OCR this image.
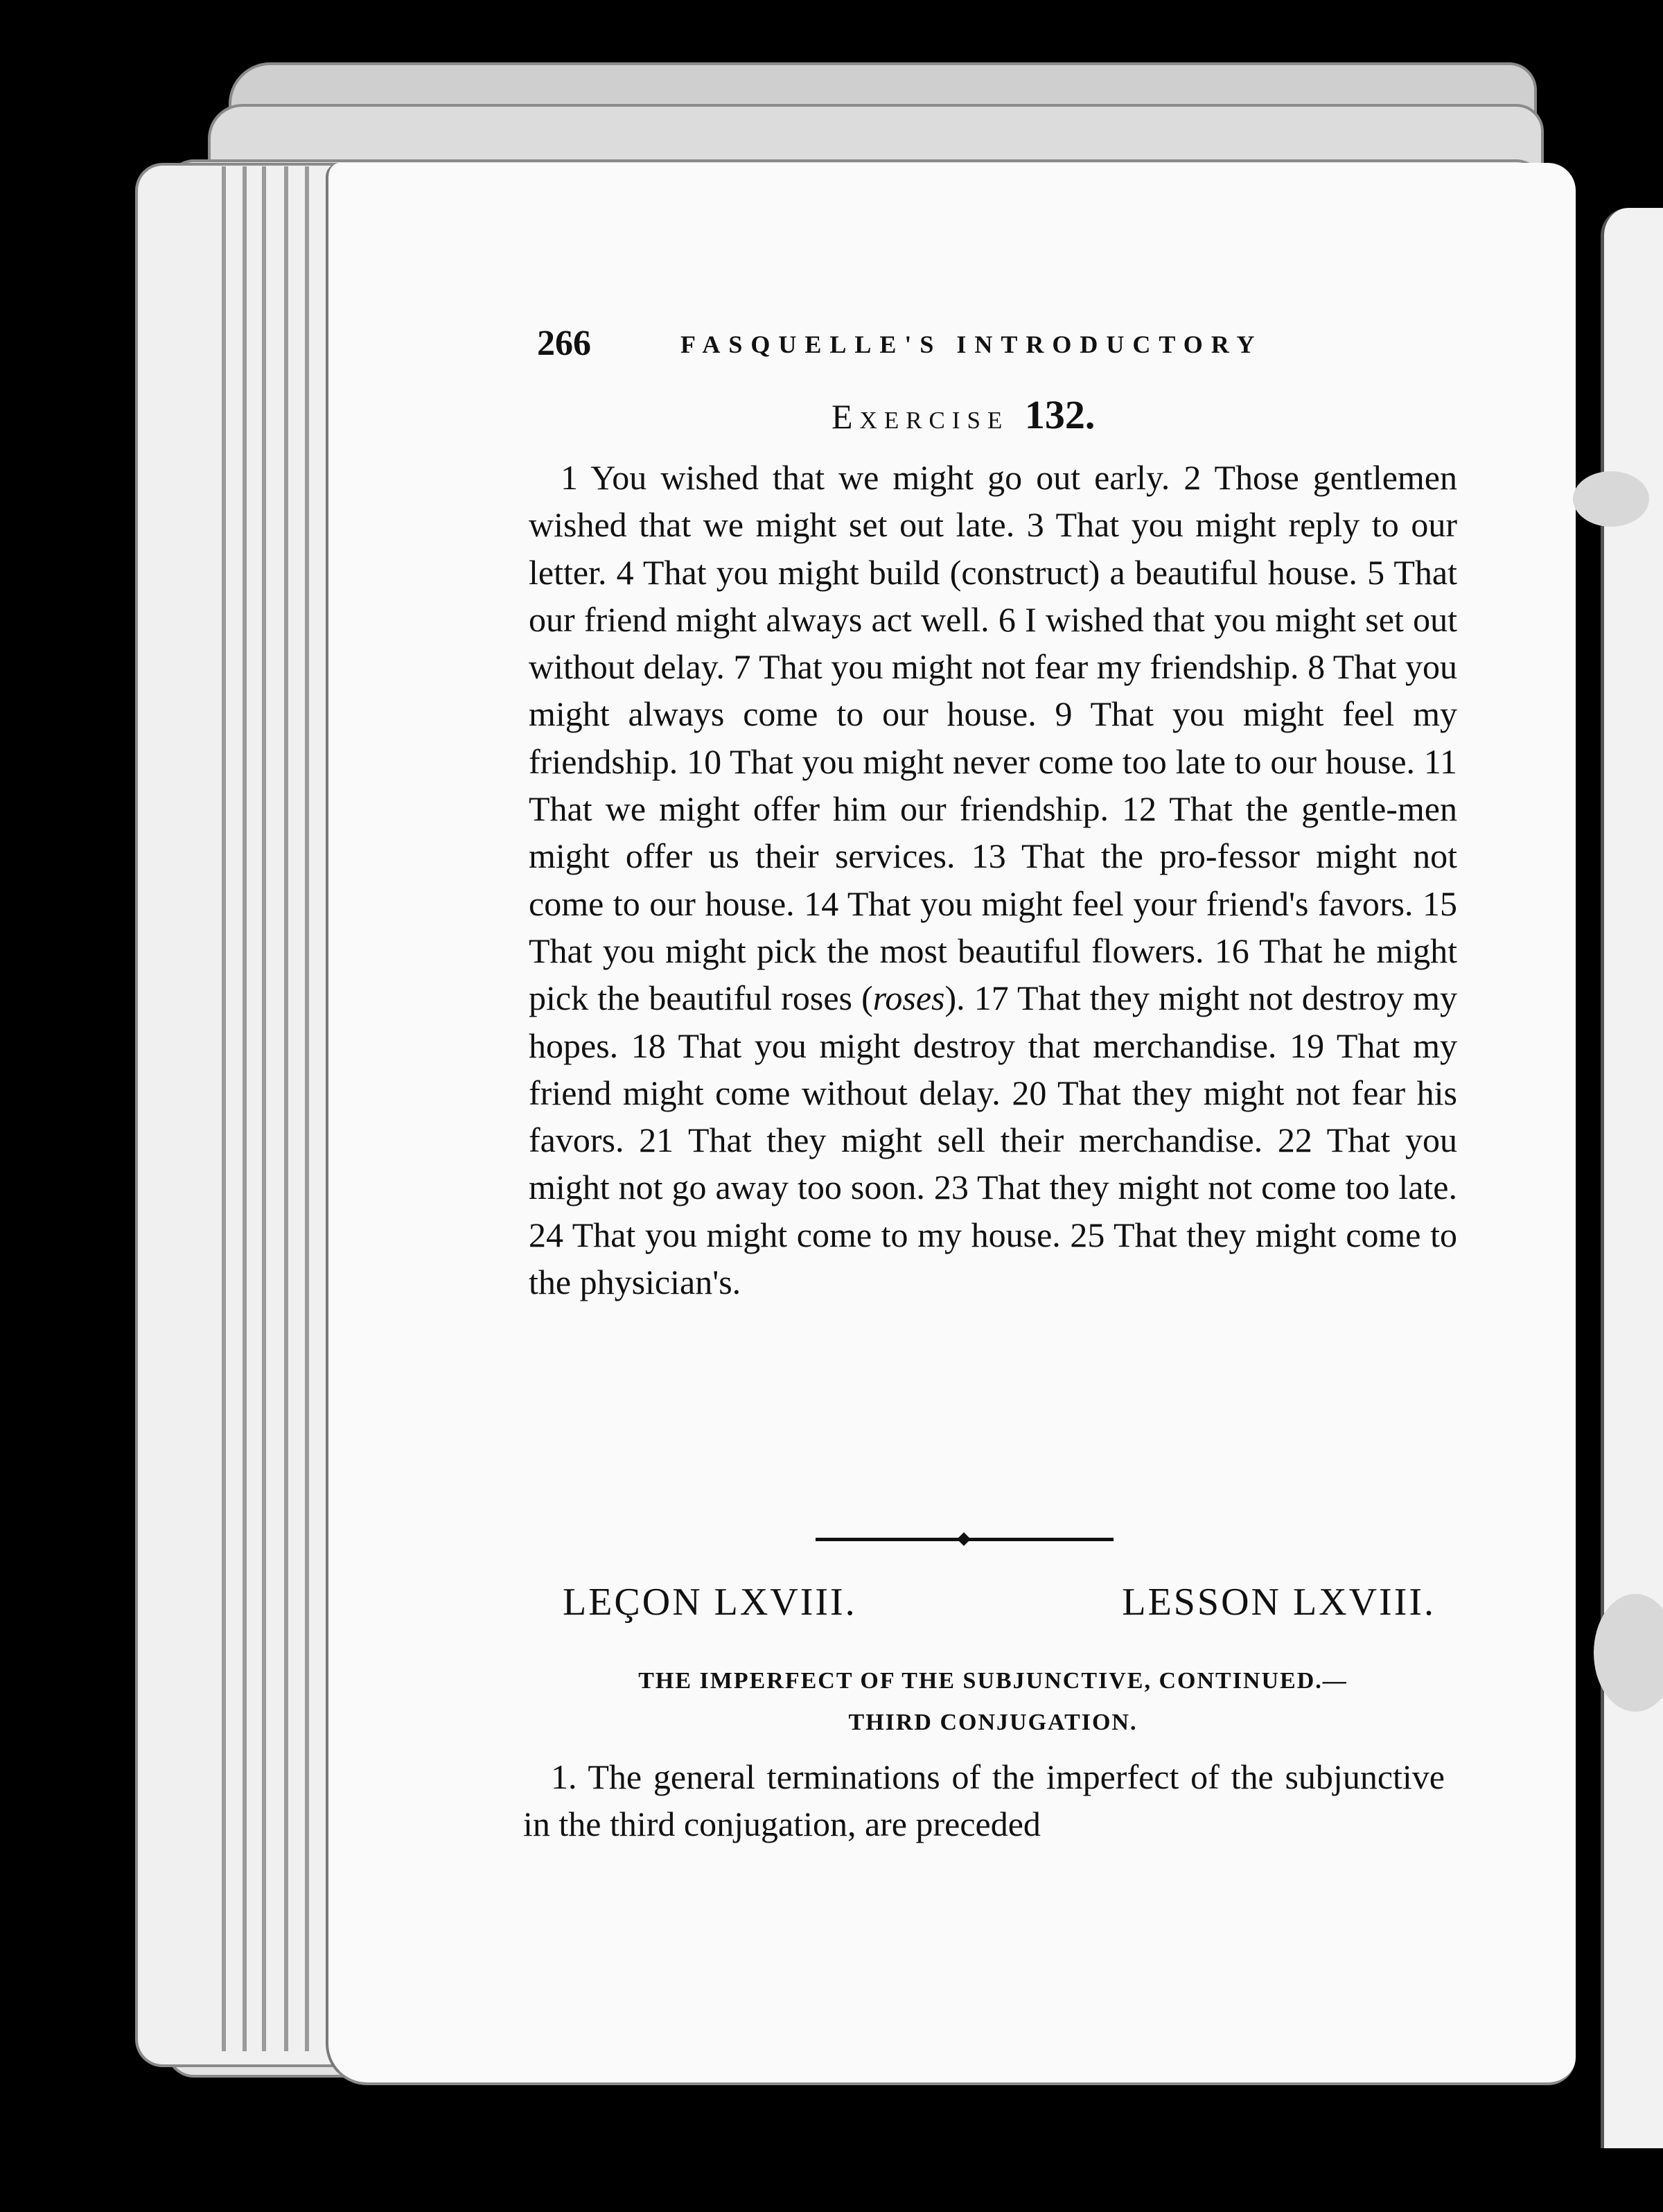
266	FASQUELLE'S INTRODUCTORY
Exercise 132.
1 You wished that we might go out early. 2 Those gentlemen wished that we might set out late. 3 That you might reply to our letter. 4 That you might build (construct) a beautiful house. 5 That our friend might always act well. 6 I wished that you might set out without delay. 7 That you might not fear my friendship. 8 That you might always come to our house. 9 That you might feel my friendship. 10 That you might never come too late to our house. 11 That we might offer him our friendship. 12 That the gentle-men might offer us their services. 13 That the pro-fessor might not come to our house. 14 That you might feel your friend's favors. 15 That you might pick the most beautiful flowers. 16 That he might pick the beautiful roses (roses). 17 That they might not destroy my hopes. 18 That you might destroy that merchandise. 19 That my friend might come without delay. 20 That they might not fear his favors. 21 That they might sell their merchandise. 22 That you might not go away too soon. 23 That they might not come too late. 24 That you might come to my house. 25 That they might come to the physician's.
LEÇON LXVIII.	LESSON LXVIII.
THE IMPERFECT OF THE SUBJUNCTIVE, CONTINUED.—
THIRD CONJUGATION.
1. The general terminations of the imperfect of the subjunctive in the third conjugation, are preceded
